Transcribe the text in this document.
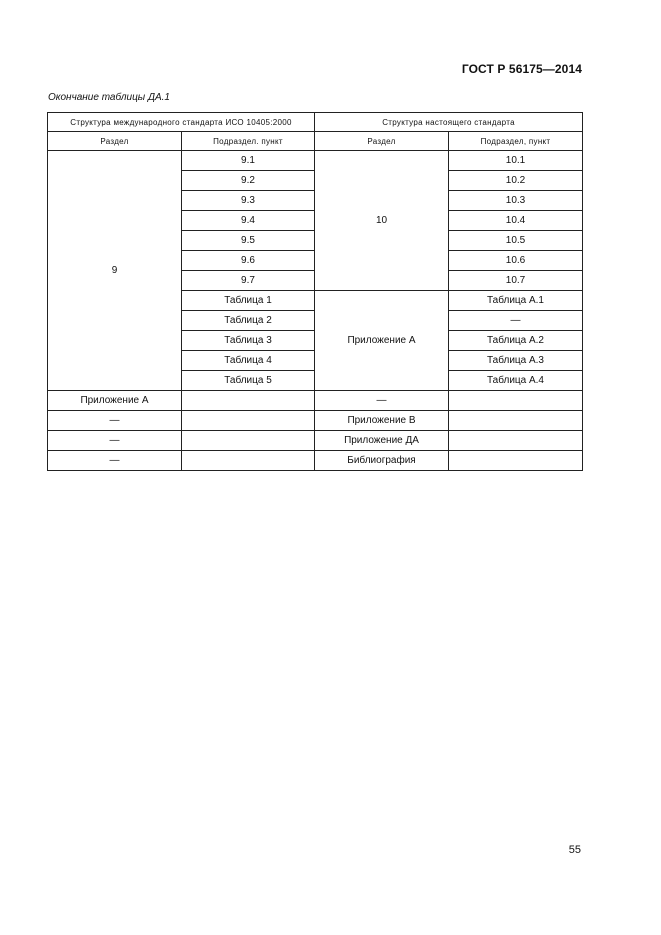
ГОСТ Р 56175—2014
Окончание таблицы ДА.1
Структура международного стандарта ИСО 10405:2000		Структура настоящего стандарта	
Раздел	Подраздел. пункт	Раздел	Подраздел, пункт
9	9.1	10	10.1
	9.2		10.2
	9.3		10.3
	9.4		10.4
	9.5		10.5
	9.6		10.6
	9.7		10.7
	Таблица 1	Приложение А	Таблица А.1
	Таблица 2		—
	Таблица 3		Таблица А.2
	Таблица 4		Таблица А.3
	Таблица 5		Таблица А.4
Приложение А		—	
—		Приложение В	
—		Приложение ДА	
—		Библиография	
55
